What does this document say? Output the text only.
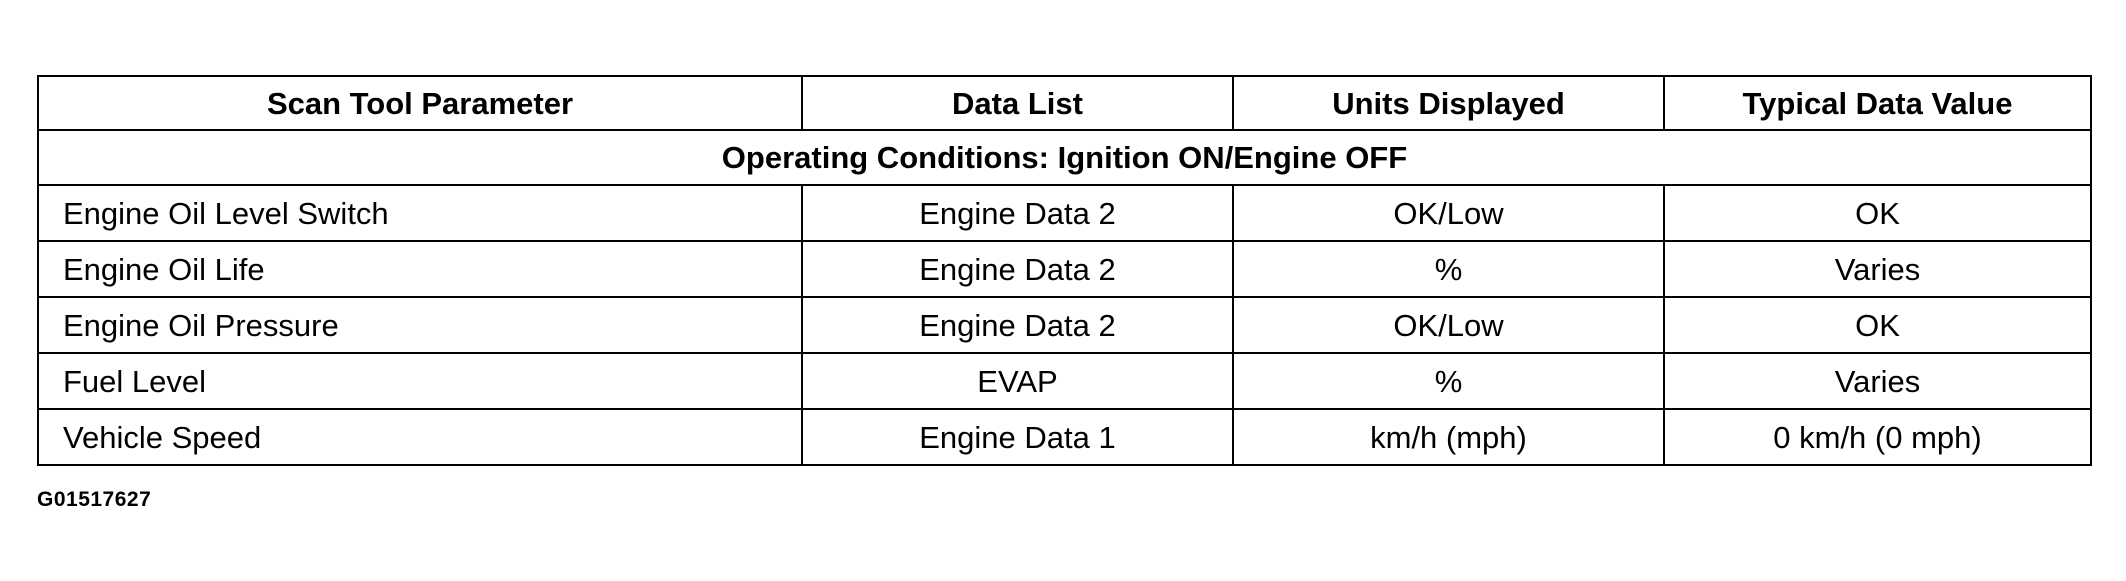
Scan Tool Parameter	Data List	Units Displayed	Typical Data Value
Operating Conditions: Ignition ON/Engine OFF			
Engine Oil Level Switch	Engine Data 2	OK/Low	OK
Engine Oil Life	Engine Data 2	%	Varies
Engine Oil Pressure	Engine Data 2	OK/Low	OK
Fuel Level	EVAP	%	Varies
Vehicle Speed	Engine Data 1	km/h (mph)	0 km/h (0 mph)
G01517627
